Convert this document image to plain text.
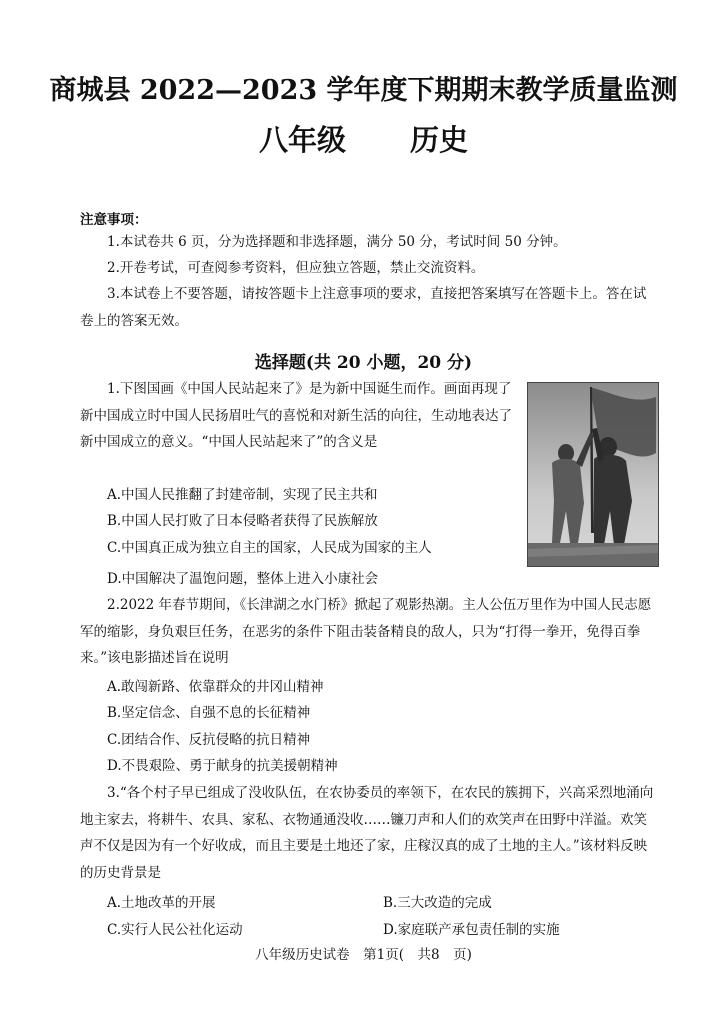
商城县 2022—2023 学年度下期期末教学质量监测
八年级 历史
注意事项：
1.本试卷共 6 页，分为选择题和非选择题，满分 50 分，考试时间 50 分钟。
2.开卷考试，可查阅参考资料，但应独立答题，禁止交流资料。
3.本试卷上不要答题，请按答题卡上注意事项的要求，直接把答案填写在答题卡上。答在试卷上的答案无效。
选择题(共 20 小题，20 分)
1.下图国画《中国人民站起来了》是为新中国诞生而作。画面再现了新中国成立时中国人民扬眉吐气的喜悦和对新生活的向往，生动地表达了新中国成立的意义。“中国人民站起来了”的含义是
A.中国人民推翻了封建帝制，实现了民主共和
B.中国人民打败了日本侵略者获得了民族解放
C.中国真正成为独立自主的国家，人民成为国家的主人
D.中国解决了温饱问题，整体上进入小康社会
2.2022 年春节期间，《长津湖之水门桥》掀起了观影热潮。主人公伍万里作为中国人民志愿军的缩影，身负艰巨任务，在恶劣的条件下阻击装备精良的敌人，只为“打得一拳开，免得百拳来。”该电影描述旨在说明
A.敢闯新路、依靠群众的井冈山精神
B.坚定信念、自强不息的长征精神
C.团结合作、反抗侵略的抗日精神
D.不畏艰险、勇于献身的抗美援朝精神
3.“各个村子早已组成了没收队伍，在农协委员的率领下，在农民的簇拥下，兴高采烈地涌向地主家去，将耕牛、农具、家私、衣物通通没收……镰刀声和人们的欢笑声在田野中洋溢。欢笑声不仅是因为有一个好收成，而且主要是土地还了家，庄稼汉真的成了土地的主人。”该材料反映的历史背景是
A.土地改革的开展	B.三大改造的完成
C.实行人民公社化运动	D.家庭联产承包责任制的实施
八年级历史试卷　第1页(　共8　页)
